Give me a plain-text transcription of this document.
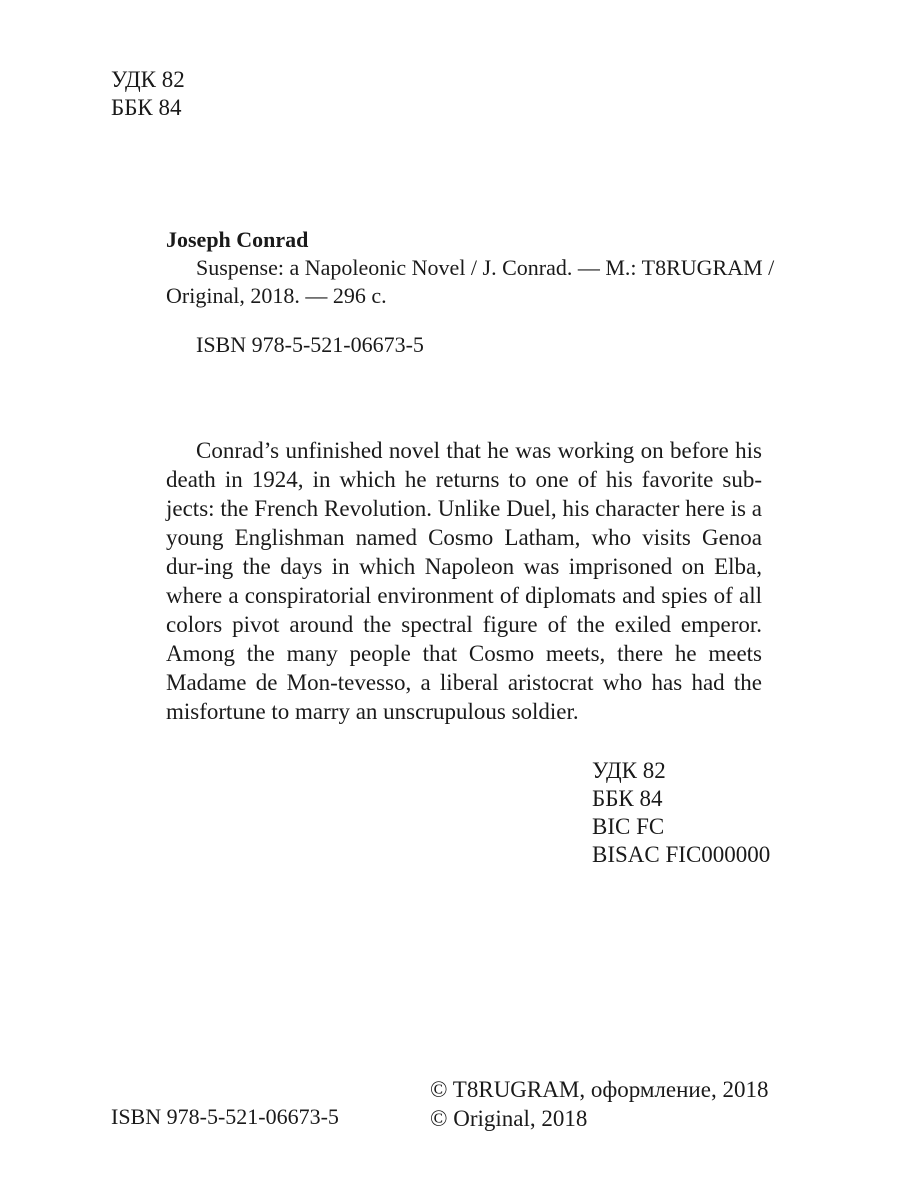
УДК 82
ББК 84
Joseph Conrad
Suspense: a Napoleonic Novel / J. Conrad. — M.: T8RUGRAM /
Original, 2018. — 296 с.
ISBN 978-5-521-06673-5
Conrad’s unfinished novel that he was working on before his death in 1924, in which he returns to one of his favorite sub-jects: the French Revolution. Unlike Duel, his character here is a young Englishman named Cosmo Latham, who visits Genoa dur-ing the days in which Napoleon was imprisoned on Elba, where a conspiratorial environment of diplomats and spies of all colors pivot around the spectral figure of the exiled emperor. Among the many people that Cosmo meets, there he meets Madame de Mon-tevesso, a liberal aristocrat who has had the misfortune to marry an unscrupulous soldier.
УДК 82
ББК 84
BIC FC
BISAC FIC000000
ISBN 978-5-521-06673-5
© T8RUGRAM, оформление, 2018
© Original, 2018
